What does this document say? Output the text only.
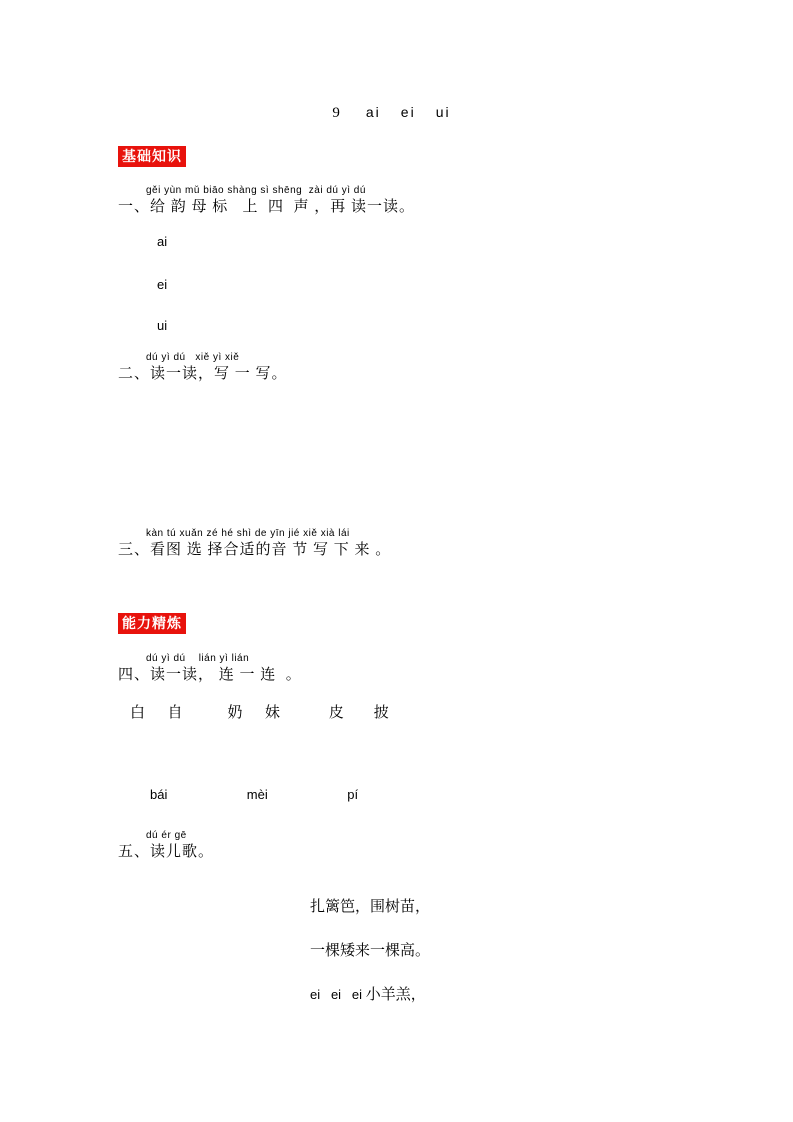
9 ai ei ui
基础知识
gěi yùn mǔ biāo shàng sì shēng  zài dú yì dú
一、给 韵 母 标   上  四  声 ，再 读一读。
ai
ei
ui
dú yì dú   xiě yì xiě
二、读一读，写 一 写。
kàn tú xuǎn zé hé shì de yīn jié xiě xià lái
三、看图 选 择合适的音 节 写 下 来 。
能力精炼
dú yì dú    lián yì lián
四、读一读， 连 一 连  。
白      自            奶      妹             皮        披
bái                      mèi                      pí
dú ér gē
五、读儿歌。
扎篱笆，围树苗，
一棵矮来一棵高。
ei   ei   ei 小羊羔，
